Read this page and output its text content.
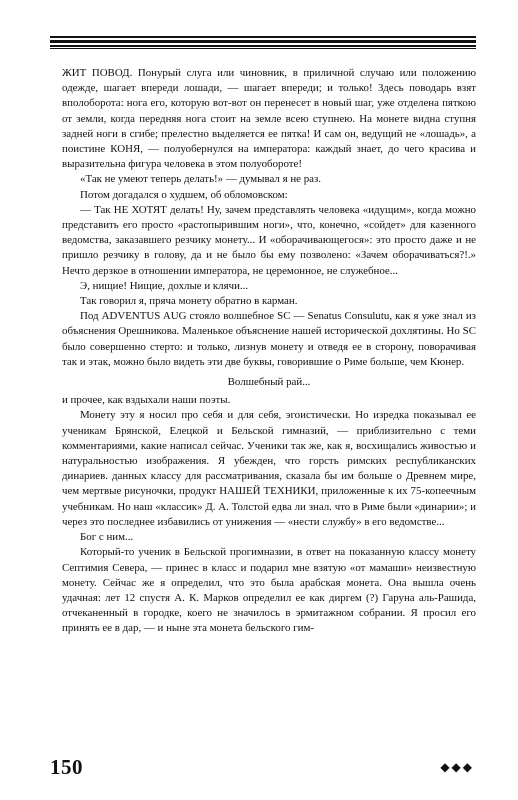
ЖИТ ПОВОД. Понурый слуга или чиновник, в приличной случаю или положению одежде, шагает впереди лошади, — шагает впереди; и только! Здесь поводарь взят вполоборота: нога его, которую вот-вот он перенесет в новый шаг, уже отделена пяткою от земли, когда передняя нога стоит на земле всею ступнею. На монете видна ступня задней ноги в сгибе; прелестно выделяется ее пятка! И сам он, ведущий не «лошадь», а поистине КОНЯ, — полуобернулся на императора: каждый знает, до чего красива и выразительна фигура человека в этом полуобороте!

«Так не умеют теперь делать!» — думывал я не раз.

Потом догадался о худшем, об обломовском:

— Так НЕ ХОТЯТ делать! Ну, зачем представлять человека «идущим», когда можно представить его просто «растопырившим ноги», что, конечно, «сойдет» для казенного ведомства, заказавшего резчику монету... И «оборачивающегося»: это просто даже и не пришло резчику в голову, да и не было бы ему позволено: «Зачем оборачиваться?!.» Нечто дерзкое в отношении императора, не церемонное, не служебное...

Э, нищие! Нищие, дохлые и клячи...

Так говорил я, пряча монету обратно в карман.

Под ADVENTUS AUG стояло волшебное SC — Senatus Consulutu, как я уже знал из объяснения Орешникова. Маленькое объяснение нашей исторической дохлятины. Но SC было совершенно стерто: и только, лизнув монету и отведя ее в сторону, поворачивая так и этак, можно было видеть эти две буквы, говорившие о Риме больше, чем Кюнер.

Волшебный рай...

и прочее, как вздыхали наши поэты.

Монету эту я носил про себя и для себя, эгоистически. Но изредка показывал ее ученикам Брянской, Елецкой и Бельской гимназий, — приблизительно с теми комментариями, какие написал сейчас. Ученики так же, как я, восхищались живостью и натуральностью изображения. Я убежден, что горсть римских республиканских динариев. данных классу для рассматривания, сказала бы им больше о Древнем мире, чем мертвые рисуночки, продукт НАШЕЙ ТЕХНИКИ, приложенные к их 75-копеечным учебникам. Но наш «классик» Д. А. Толстой едва ли знал. что в Риме были «динарии»; и через это последнее избавились от унижения — «нести службу» в его ведомстве...

Бог с ним...

Который-то ученик в Бельской прогимназии, в ответ на показанную классу монету Септимия Севера, — принес в класс и подарил мне взятую «от мамаши» неизвестную монету. Сейчас же я определил, что это была арабская монета. Она вышла очень удачная: лет 12 спустя А. К. Марков определил ее как диргем (?) Гаруна аль-Рашида, отчеканенный в городке, коего не значилось в эрмитажном собрании. Я просил его принять ее в дар, — и ныне эта монета бельского гим-

150	◆◆◆
